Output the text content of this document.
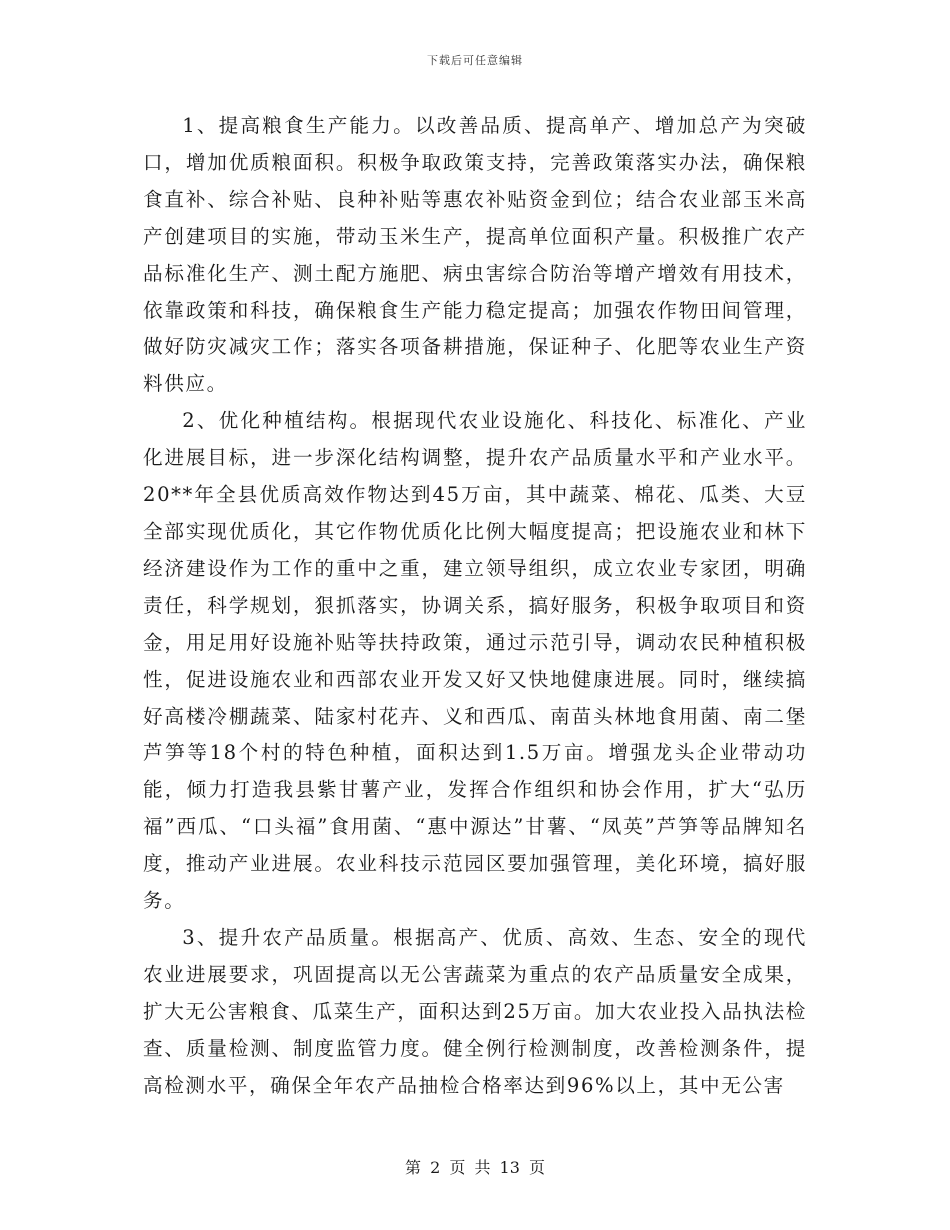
下载后可任意编辑

1、提高粮食生产能力。以改善品质、提高单产、增加总产为突破口，增加优质粮面积。积极争取政策支持，完善政策落实办法，确保粮食直补、综合补贴、良种补贴等惠农补贴资金到位；结合农业部玉米高产创建项目的实施，带动玉米生产，提高单位面积产量。积极推广农产品标准化生产、测土配方施肥、病虫害综合防治等增产增效有用技术，依靠政策和科技，确保粮食生产能力稳定提高；加强农作物田间管理，做好防灾减灾工作；落实各项备耕措施，保证种子、化肥等农业生产资料供应。

2、优化种植结构。根据现代农业设施化、科技化、标准化、产业化进展目标，进一步深化结构调整，提升农产品质量水平和产业水平。20**年全县优质高效作物达到45万亩，其中蔬菜、棉花、瓜类、大豆全部实现优质化，其它作物优质化比例大幅度提高；把设施农业和林下经济建设作为工作的重中之重，建立领导组织，成立农业专家团，明确责任，科学规划，狠抓落实，协调关系，搞好服务，积极争取项目和资金，用足用好设施补贴等扶持政策，通过示范引导，调动农民种植积极性，促进设施农业和西部农业开发又好又快地健康进展。同时，继续搞好高楼冷棚蔬菜、陆家村花卉、义和西瓜、南苗头林地食用菌、南二堡芦笋等18个村的特色种植，面积达到1.5万亩。增强龙头企业带动功能，倾力打造我县紫甘薯产业，发挥合作组织和协会作用，扩大“弘历福”西瓜、“口头福”食用菌、“惠中源达”甘薯、“凤英”芦笋等品牌知名度，推动产业进展。农业科技示范园区要加强管理，美化环境，搞好服务。

3、提升农产品质量。根据高产、优质、高效、生态、安全的现代农业进展要求，巩固提高以无公害蔬菜为重点的农产品质量安全成果，扩大无公害粮食、瓜菜生产，面积达到25万亩。加大农业投入品执法检查、质量检测、制度监管力度。健全例行检测制度，改善检测条件，提高检测水平，确保全年农产品抽检合格率达到96%以上，其中无公害

第 2 页 共 13 页
